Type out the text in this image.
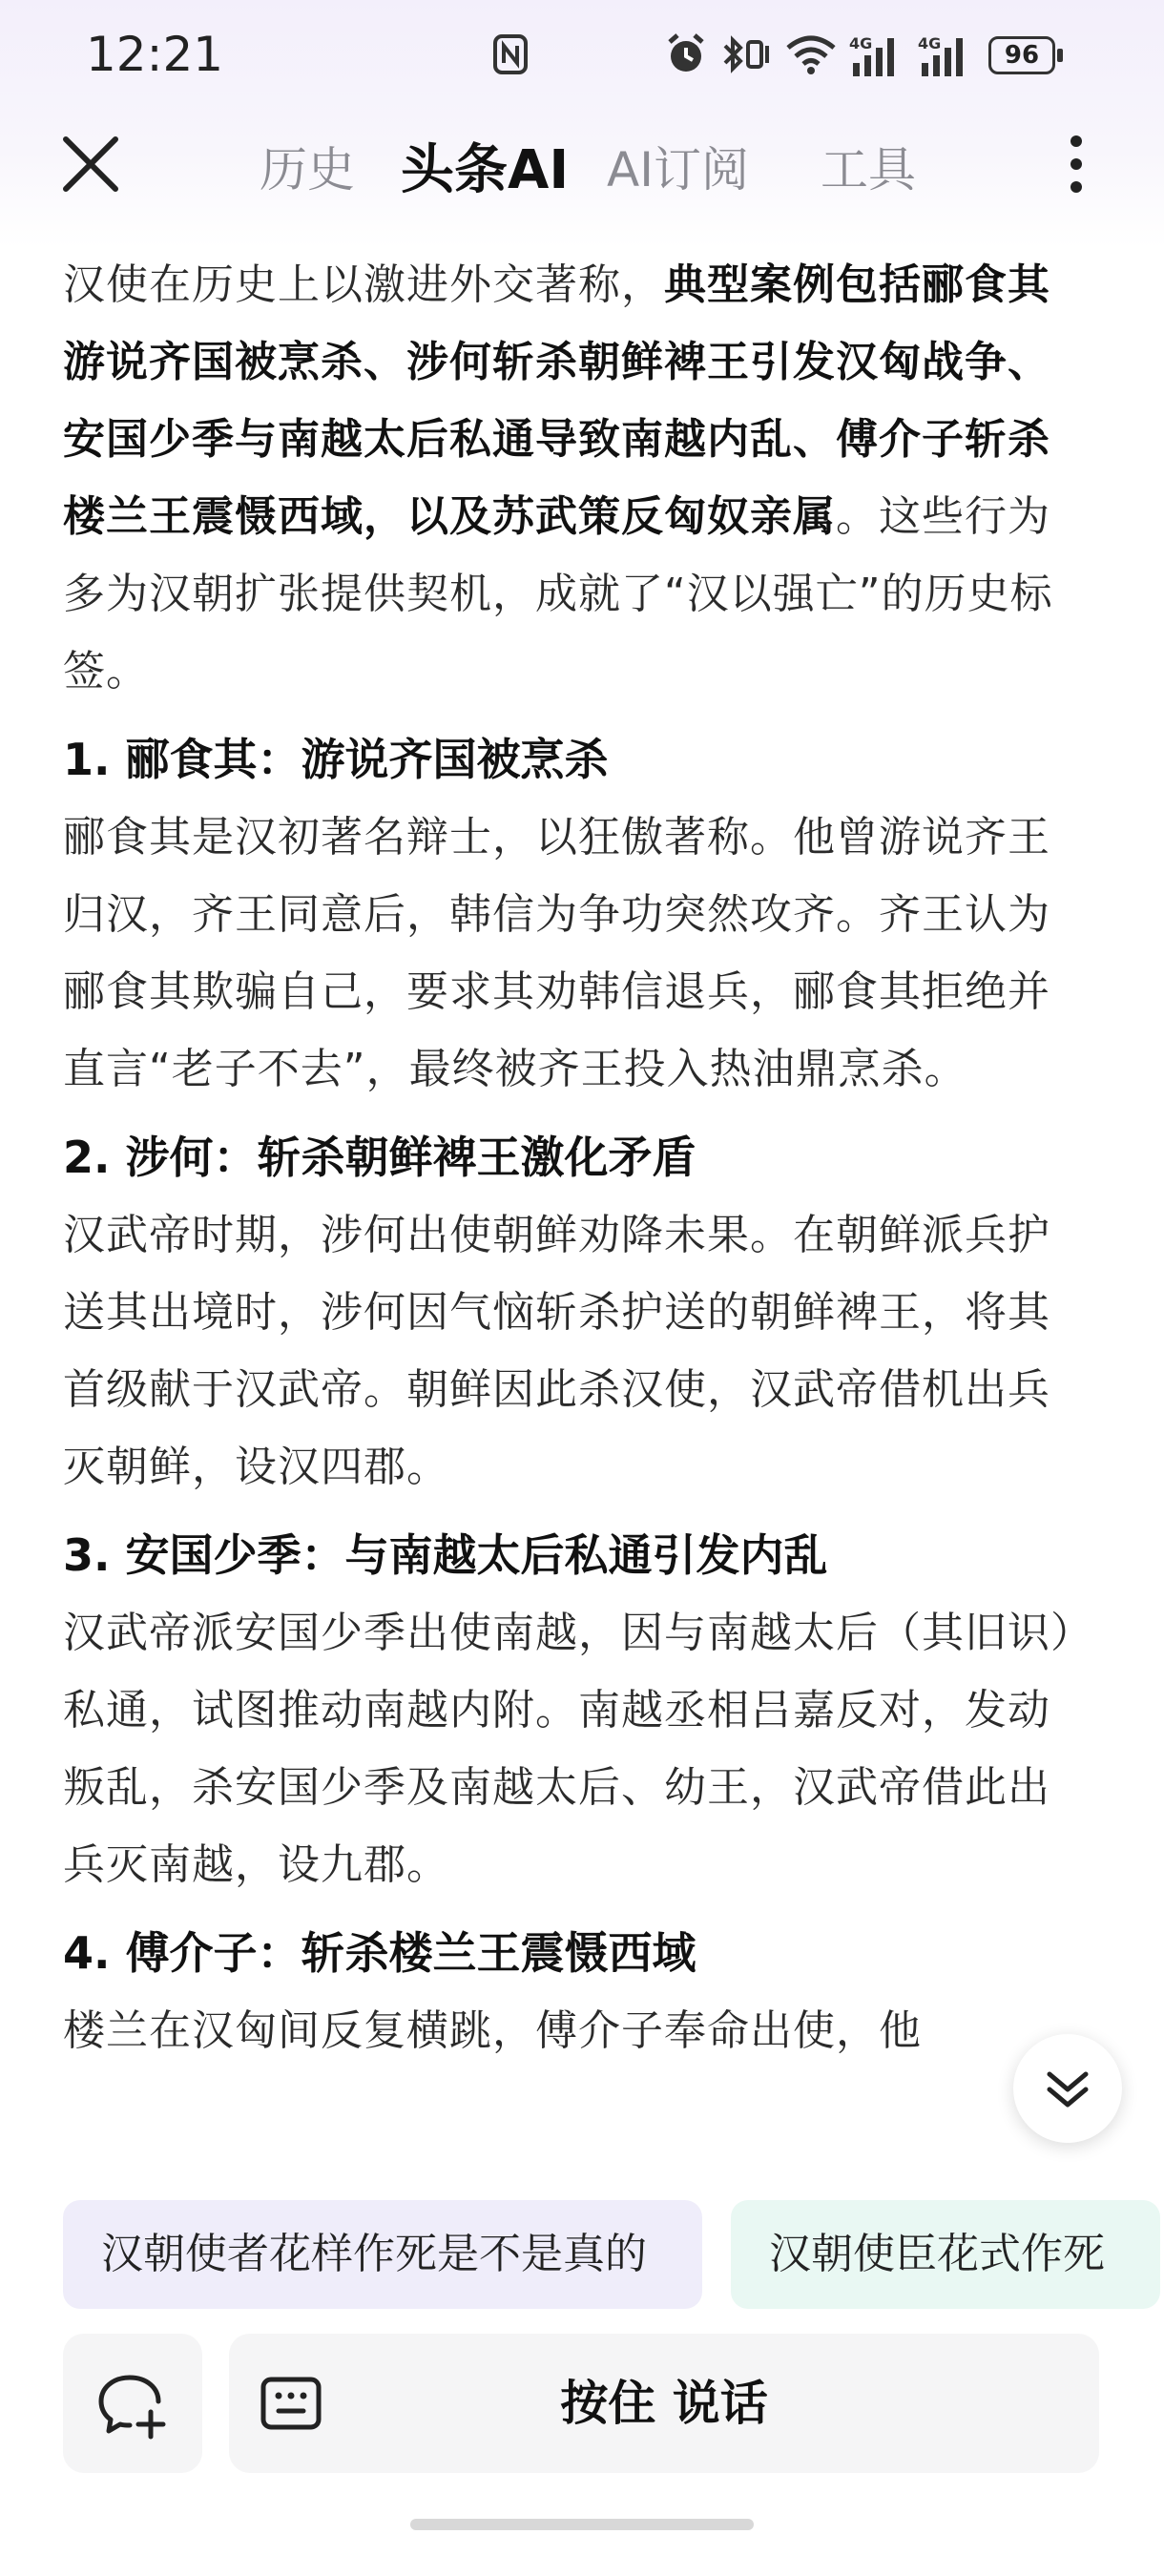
12:21	4G	4G	96
历史 头条AI AI订阅 工具

汉使在历史上以激进外交著称，典型案例包括郦食其游说齐国被烹杀、涉何斩杀朝鲜裨王引发汉匈战争、安国少季与南越太后私通导致南越内乱、傅介子斩杀楼兰王震慑西域，以及苏武策反匈奴亲属。这些行为多为汉朝扩张提供契机，成就了“汉以强亡”的历史标签。

1. 郦食其：游说齐国被烹杀

郦食其是汉初著名辩士，以狂傲著称。他曾游说齐王归汉，齐王同意后，韩信为争功突然攻齐。齐王认为郦食其欺骗自己，要求其劝韩信退兵，郦食其拒绝并直言“老子不去”，最终被齐王投入热油鼎烹杀。

2. 涉何：斩杀朝鲜裨王激化矛盾

汉武帝时期，涉何出使朝鲜劝降未果。在朝鲜派兵护送其出境时，涉何因气恼斩杀护送的朝鲜裨王，将其首级献于汉武帝。朝鲜因此杀汉使，汉武帝借机出兵灭朝鲜，设汉四郡。

3. 安国少季：与南越太后私通引发内乱

汉武帝派安国少季出使南越，因与南越太后（其旧识）私通，试图推动南越内附。南越丞相吕嘉反对，发动叛乱，杀安国少季及南越太后、幼王，汉武帝借此出兵灭南越，设九郡。

4. 傅介子：斩杀楼兰王震慑西域

楼兰在汉匈间反复横跳，傅介子奉命出使，他

汉朝使者花样作死是不是真的	汉朝使臣花式作死
按住 说话
